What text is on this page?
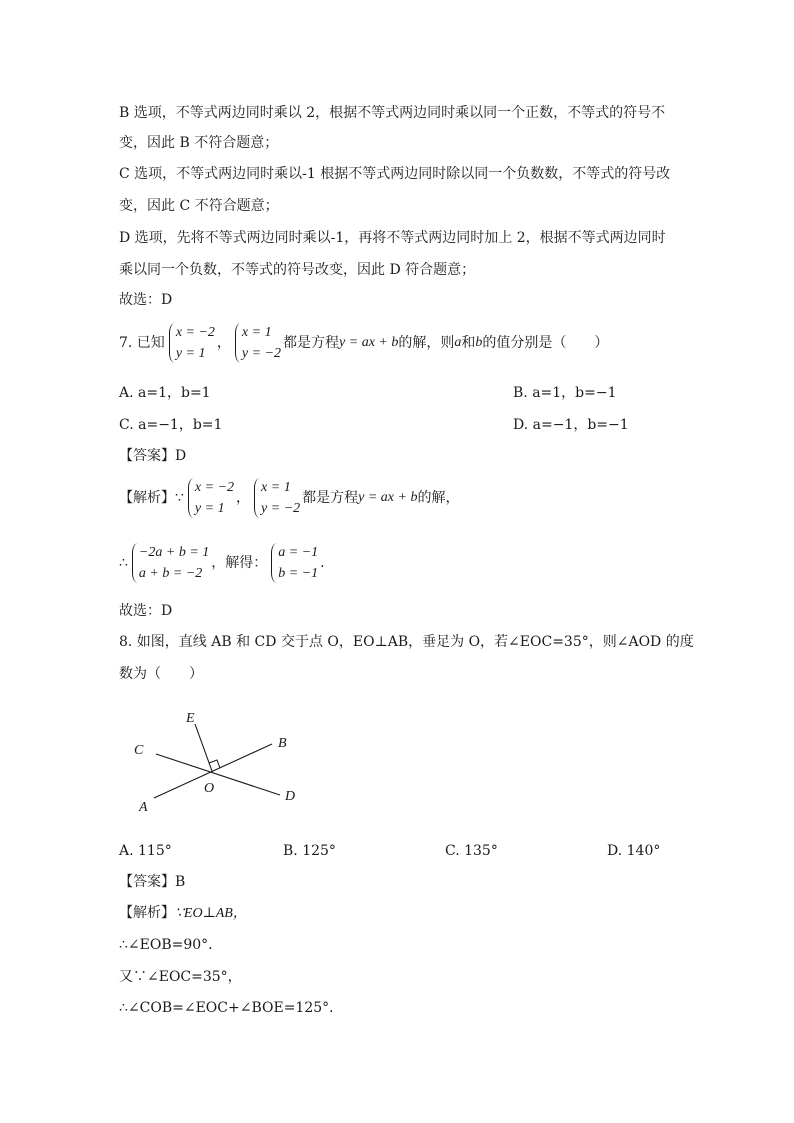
B 选项，不等式两边同时乘以 2，根据不等式两边同时乘以同一个正数，不等式的符号不
变，因此 B 不符合题意；
C 选项，不等式两边同时乘以-1 根据不等式两边同时除以同一个负数数，不等式的符号改
变，因此 C 不符合题意；
D 选项，先将不等式两边同时乘以-1，再将不等式两边同时加上 2，根据不等式两边同时
乘以同一个负数，不等式的符号改变，因此 D 符合题意；
故选：D
7. 已知
x = −2
y = 1
，
x = 1
y = −2
都是方程 y = ax + b 的解，则 a 和 b 的值分别是（　　）
A. a=1，b=1	B. a=1，b=−1
C. a=−1，b=1	D. a=−1，b=−1
【答案】D
【解析】 ∵
x = −2
y = 1
，
x = 1
y = −2
都是方程 y = ax + b 的解，
∴
−2a + b = 1
a + b = −2
，解得：
a = −1
b = −1
.
故选：D
8. 如图，直线 AB 和 CD 交于点 O，EO⊥AB，垂足为 O，若∠EOC=35°，则∠AOD 的度
数为（　　）
E
C	B
O
A
D
A. 115°	B. 125°	C. 135°	D. 140°
【答案】B
【解析】∵EO⊥AB，
∴∠EOB=90°．
又∵∠EOC=35°，
∴∠COB=∠EOC+∠BOE=125°．
